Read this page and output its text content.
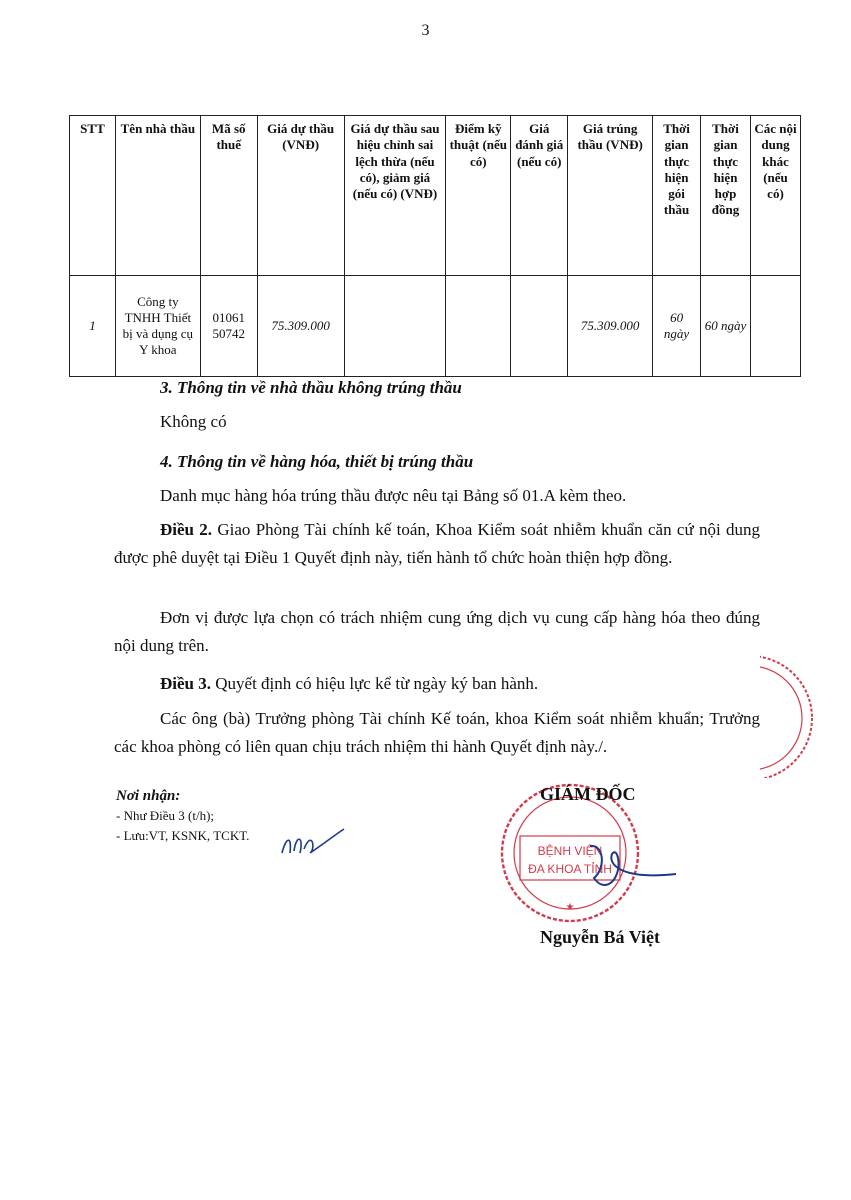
3
STT	Tên nhà thầu	Mã số thuế	Giá dự thầu (VNĐ)	Giá dự thầu sau hiệu chỉnh sai lệch thừa (nếu có), giảm giá (nếu có) (VNĐ)	Điểm kỹ thuật (nếu có)	Giá đánh giá (nếu có)	Giá trúng thầu (VNĐ)	Thời gian thực hiện gói thầu	Thời gian thực hiện hợp đồng	Các nội dung khác (nếu có)
1	Công ty TNHH Thiết bị và dụng cụ Y khoa	01061 50742	75.309.000				75.309.000	60 ngày	60 ngày	
3. Thông tin về nhà thầu không trúng thầu
Không có
4. Thông tin về hàng hóa, thiết bị trúng thầu
Danh mục hàng hóa trúng thầu được nêu tại Bảng số 01.A kèm theo.
Điều 2. Giao Phòng Tài chính kế toán, Khoa Kiểm soát nhiễm khuẩn căn cứ nội dung được phê duyệt tại Điều 1 Quyết định này, tiến hành tổ chức hoàn thiện hợp đồng.
Đơn vị được lựa chọn có trách nhiệm cung ứng dịch vụ cung cấp hàng hóa theo đúng nội dung trên.
Điều 3. Quyết định có hiệu lực kể từ ngày ký ban hành.
Các ông (bà) Trưởng phòng Tài chính Kế toán, khoa Kiểm soát nhiễm khuẩn; Trưởng các khoa phòng có liên quan chịu trách nhiệm thi hành Quyết định này./.
Nơi nhận:
- Như Điều 3 (t/h);
- Lưu:VT, KSNK, TCKT.
BỆNH VIỆN
ĐA KHOA TỈNH
★
GIÁM ĐỐC
Nguyễn Bá Việt
